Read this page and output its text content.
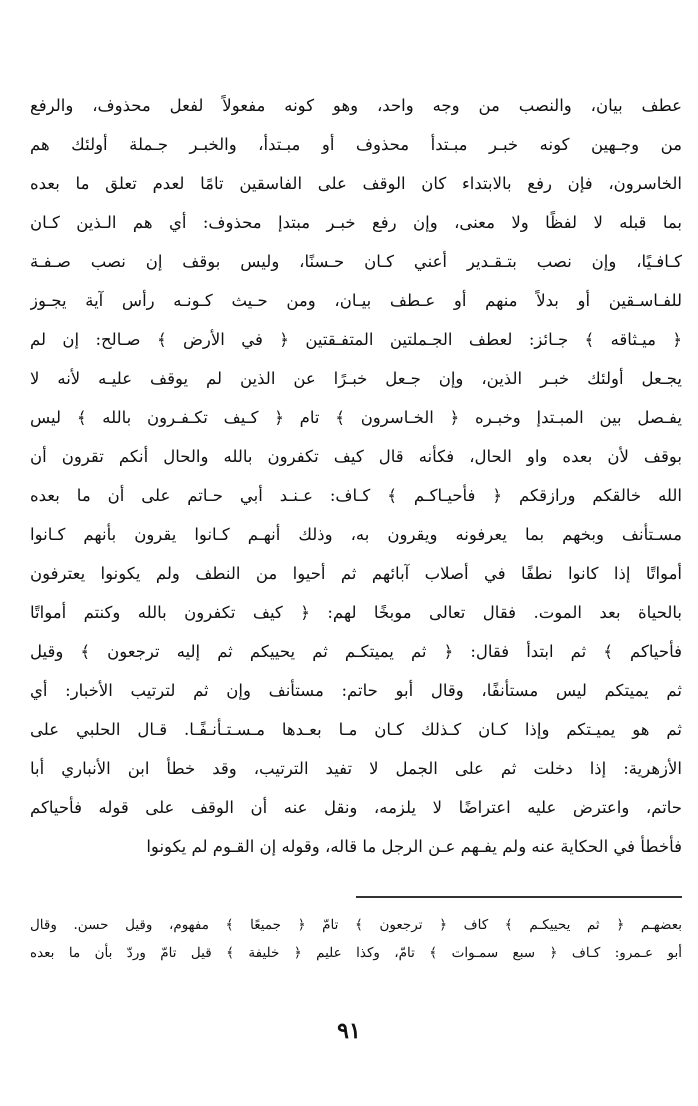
عطف بيان، والنصب من وجه واحد، وهو كونه مفعولاً لفعل محذوف، والرفع
من وجـهين كونه خبـر مبـتدأ محذوف أو مبـتدأ، والخبـر جـملة أولئك هم
الخاسرون، فإن رفع بالابتداء كان الوقف على الفاسقين تامًا لعدم تعلق ما بعده
بما قبله لا لفظًا ولا معنى، وإن رفع خبـر مبتدإ محذوف: أي هم الـذين كـان
كـافـيًا، وإن نصب بتـقـدير أعني كـان حـسنًا، وليس بوقف إن نصب صـفـة
للفـاسـقين أو بدلاً منهم أو عـطف بيـان، ومن حـيث كـونـه رأس آية يجـوز
﴿ ميـثاقه ﴾ جـائز: لعطف الجـملتين المتفـقتين ﴿ في الأرض ﴾ صـالح: إن لم
يجـعل أولئك خبـر الذين، وإن جـعل خبـرًا عن الذين لم يوقف عليـه لأنه لا
يفـصل بين المبـتدإ وخبـره ﴿ الخـاسرون ﴾ تام ﴿ كـيف تكـفـرون بالله ﴾ ليس
بوقف لأن بعده واو الحال، فكأنه قال كيف تكفرون بالله والحال أنكم تقرون أن
الله خالقكم ورازقكم ﴿ فأحيـاكـم ﴾ كـاف: عـنـد أبي حـاتم على أن ما بعده
مسـتأنف وبخهم بما يعرفونه ويقرون به، وذلك أنهـم كـانوا يقرون بأنهم كـانوا
أمواتًا إذا كانوا نطفًا في أصلاب آبائهم ثم أحيوا من النطف ولم يكونوا يعترفون
بالحياة بعد الموت. فقال تعالى موبخًا لهم: ﴿ كيف تكفرون بالله وكنتم أمواتًا
فأحياكم ﴾ ثم ابتدأ فقال: ﴿ ثم يميتكـم ثم يحييكم ثم إليه ترجعون ﴾ وقيل
ثم يميتكم ليس مستأنفًا، وقال أبو حاتم: مستأنف وإن ثم لترتيب الأخبار: أي
ثم هو يميـتكم وإذا كـان كـذلك كـان مـا بعـدها مـسـتـأنـفًـا. قـال الحلبي على
الأزهرية: إذا دخلت ثم على الجمل لا تفيد الترتيب، وقد خطأ ابن الأنباري أبا
حاتم، واعترض عليه اعتراضًا لا يلزمه، ونقل عنه أن الوقف على قوله فأحياكم
فأخطأ في الحكاية عنه ولم يفـهم عـن الرجل ما قاله، وقوله إن القـوم لم يكونوا
بعضهـم ﴿ ثم يحييكـم ﴾ كاف ﴿ ترجعون ﴾ تامّ ﴿ جميعًا ﴾ مفهوم، وقيل حسن. وقال
أبو عـمرو: كـاف ﴿ سبع سمـوات ﴾ تامّ، وكذا عليم ﴿ خليفة ﴾ قيل تامّ وردّ بأن ما بعده
٩١
